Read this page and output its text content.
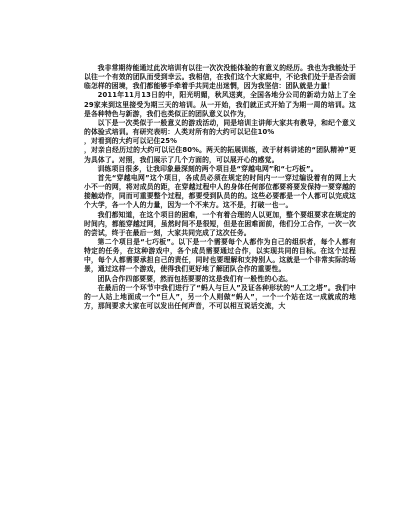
我非常期待能通过此次培训有以往一次次没能体验的有意义的经历。我也为我能处于以往一个有效的团队而受到幸云。我相信，在我们这个大家庭中，不论我们处于是否会面临怎样的困境，我们都能够手牵着手共同走出迷惘，因为我坚信：团队就是力量！

2011年11月13日的中，阳光明媚，秋风送爽，全国各地分公司的新动力站上了全29家来到这里接受为期三天的培训。从一开始，我们就正式开始了为期一周的培训。这是各种特色与新游，我们也类似正的团队意义以作为，

以下是一次类似于一般意义的游戏活动，同是培训主讲师大家共有教导，和纪个意义的体验式培训。有研究表明：人类对所有的大约可以记住10%

，对看到的大约可以记住25%

，对亲自经历过的大约可以记住80%。两天的拓展训练，改于材料讲述的“团队精神”更为具体了。对照，我们展示了几个方面的，可以展开心的感觉。

训练项目很多，让我印象最深刻的两个项目是“穿越电网”和“七巧板”。

首先“穿越电网”这个项目，各成员必须在规定的时间内一一穿过编设着有的网上大小不一的网，将对成员的距，在穿越过程中人的身体任何部位都要将要发保持一要穿越的接触动作，同而可重要整个过程，都要受到队员的的。这些必要都是一个人都可以完成这个大学，各一个人的力量，因为一个不来方。这不是，打破一也一。

我们都知道，在这个项目的困难，一个有着合理的人以更加，整个要组要求在规定的时间内，都能穿越过网，虽然时间不是很短，但是在困难面前，他们分工合作，一次一次的尝试，终于在最后一刻，大家共同完成了这次任务。

第二个项目是“七巧板”。以下是一个需要每个人都作为自己的组织者，每个人都有特定的任务，在这种游戏中，各个成员需要通过合作，以实现共同的目标。在这个过程中，每个人都需要承担自己的责任，同时也要理解和支持别人。这就是一个非常实际的场景，通过这样一个游戏，使得我们更好地了解团队合作的重要性。

团队合作四部要要，然而包括要要的这是我们有一般性的心态。

在最后的一个环节中我们进行了“蚂人与巨人”及证各种形状的“人工之塔”。我们中的一人站上地面成一个“巨人”，另一个人则做“蚂人”，一个一个站在这一成就成的地方，那间要求大家在可以发出任何声音，不可以相互说话交流，大
